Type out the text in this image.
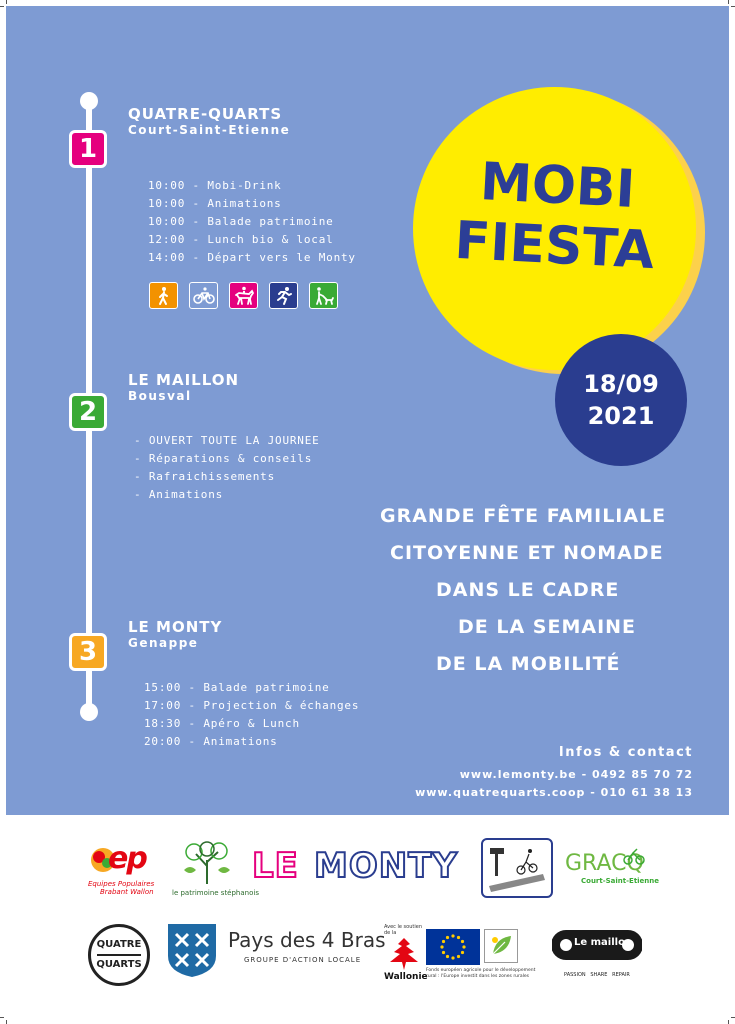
1
QUATRE-QUARTS
Court-Saint-Etienne
10:00 - Mobi-Drink
10:00 - Animations
10:00 - Balade patrimoine
12:00 - Lunch bio & local
14:00 - Départ vers le Monty
2
LE MAILLON
Bousval
- OUVERT TOUTE LA JOURNEE
- Réparations & conseils
- Rafraichissements
- Animations
3
LE MONTY
Genappe
15:00 - Balade patrimoine
17:00 - Projection & échanges
18:30 - Apéro & Lunch
20:00 - Animations
MOBI
FIESTA
18/09
2021
GRANDE FÊTE FAMILIALE
CITOYENNE ET NOMADE
DANS LE CADRE
DE LA SEMAINE
DE LA MOBILITÉ
Infos & contact
www.lemonty.be - 0492 85 70 72
www.quatrequarts.coop - 010 61 38 13
ep
Equipes Populaires
Brabant Wallon	le patrimoine stéphanois
LE MONTY	GRACQ
Court-Saint-Etienne
QUATRE
QUARTS
Pays des 4 Bras
GROUPE D'ACTION LOCALE
Avec le soutien de la
Wallonie
Fonds européen agricole pour le développement rural : l'Europe investit dans les zones rurales
Le maillon
PASSION   SHARE   REPAIR
